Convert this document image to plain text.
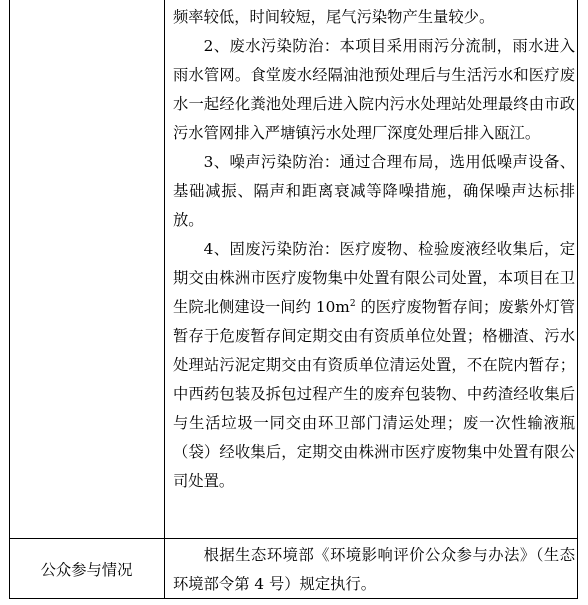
公众参与情况

根据生态环境部《环境影响评价公众参与办法》（生态环境部令第 4 号）规定执行。

频率较低，时间较短，尾气污染物产生量较少。

2、废水污染防治：本项目采用雨污分流制，雨水进入雨水管网。食堂废水经隔油池预处理后与生活污水和医疗废水一起经化粪池处理后进入院内污水处理站处理最终由市政污水管网排入严塘镇污水处理厂深度处理后排入瓯江。

3、噪声污染防治：通过合理布局，选用低噪声设备、基础减振、隔声和距离衰减等降噪措施，确保噪声达标排放。

4、固废污染防治：医疗废物、检验废液经收集后，定期交由株洲市医疗废物集中处置有限公司处置，本项目在卫生院北侧建设一间约 $10m^2$ 的医疗废物暂存间；废紫外灯管暂存于危废暂存间定期交由有资质单位处置；格栅渣、污水处理站污泥定期交由有资质单位清运处置，不在院内暂存；中西药包装及拆包过程产生的废弃包装物、中药渣经收集后与生活垃圾一同交由环卫部门清运处理；废一次性输液瓶（袋）经收集后，定期交由株洲市医疗废物集中处置有限公司处置。
